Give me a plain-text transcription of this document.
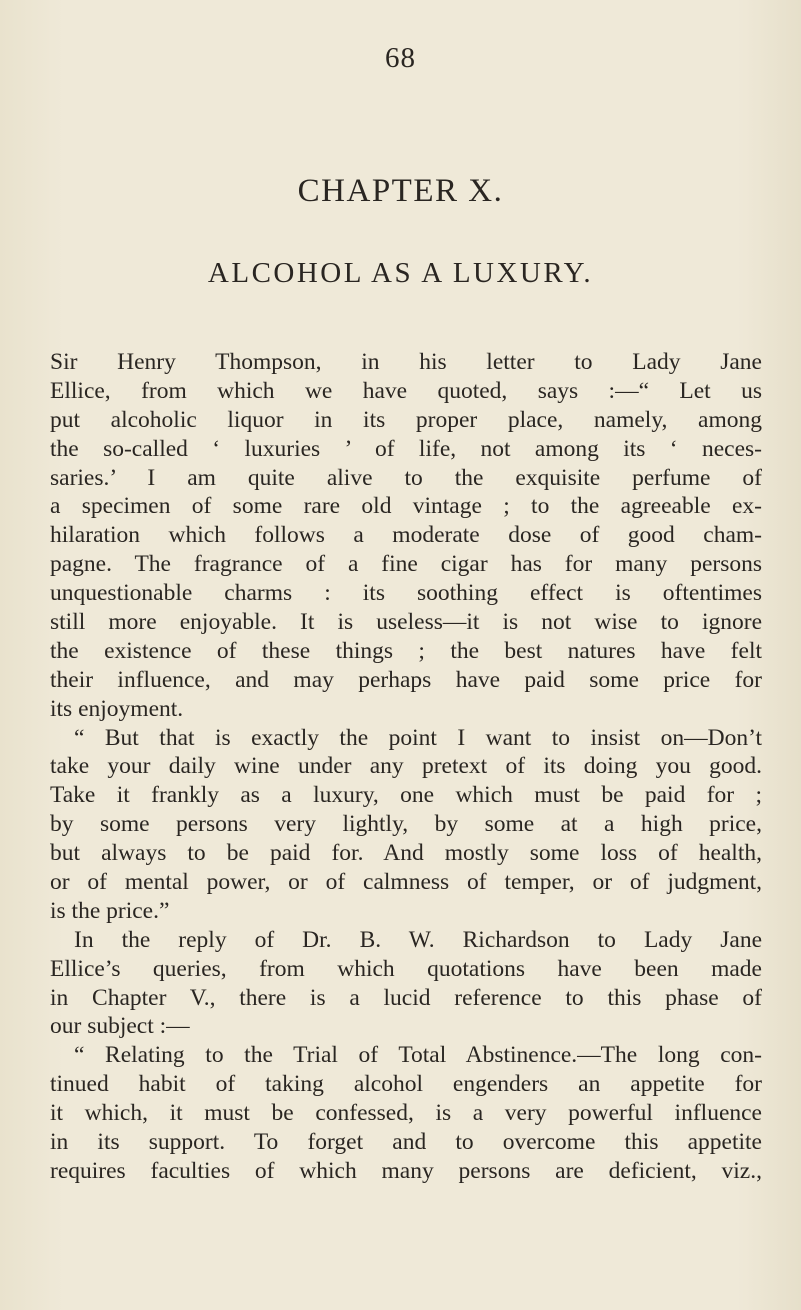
68
CHAPTER X.
ALCOHOL AS A LUXURY.
Sir Henry Thompson, in his letter to Lady Jane
Ellice, from which we have quoted, says :—“ Let us
put alcoholic liquor in its proper place, namely, among
the so-called ‘ luxuries ’ of life, not among its ‘ neces-
saries.’ I am quite alive to the exquisite perfume of
a specimen of some rare old vintage ; to the agreeable ex-
hilaration which follows a moderate dose of good cham-
pagne. The fragrance of a fine cigar has for many persons
unquestionable charms : its soothing effect is oftentimes
still more enjoyable. It is useless—it is not wise to ignore
the existence of these things ; the best natures have felt
their influence, and may perhaps have paid some price for
its enjoyment.
“ But that is exactly the point I want to insist on—Don’t
take your daily wine under any pretext of its doing you good.
Take it frankly as a luxury, one which must be paid for ;
by some persons very lightly, by some at a high price,
but always to be paid for. And mostly some loss of health,
or of mental power, or of calmness of temper, or of judgment,
is the price.”
In the reply of Dr. B. W. Richardson to Lady Jane
Ellice’s queries, from which quotations have been made
in Chapter V., there is a lucid reference to this phase of
our subject :—
“ Relating to the Trial of Total Abstinence.—The long con-
tinued habit of taking alcohol engenders an appetite for
it which, it must be confessed, is a very powerful influence
in its support. To forget and to overcome this appetite
requires faculties of which many persons are deficient, viz.,
